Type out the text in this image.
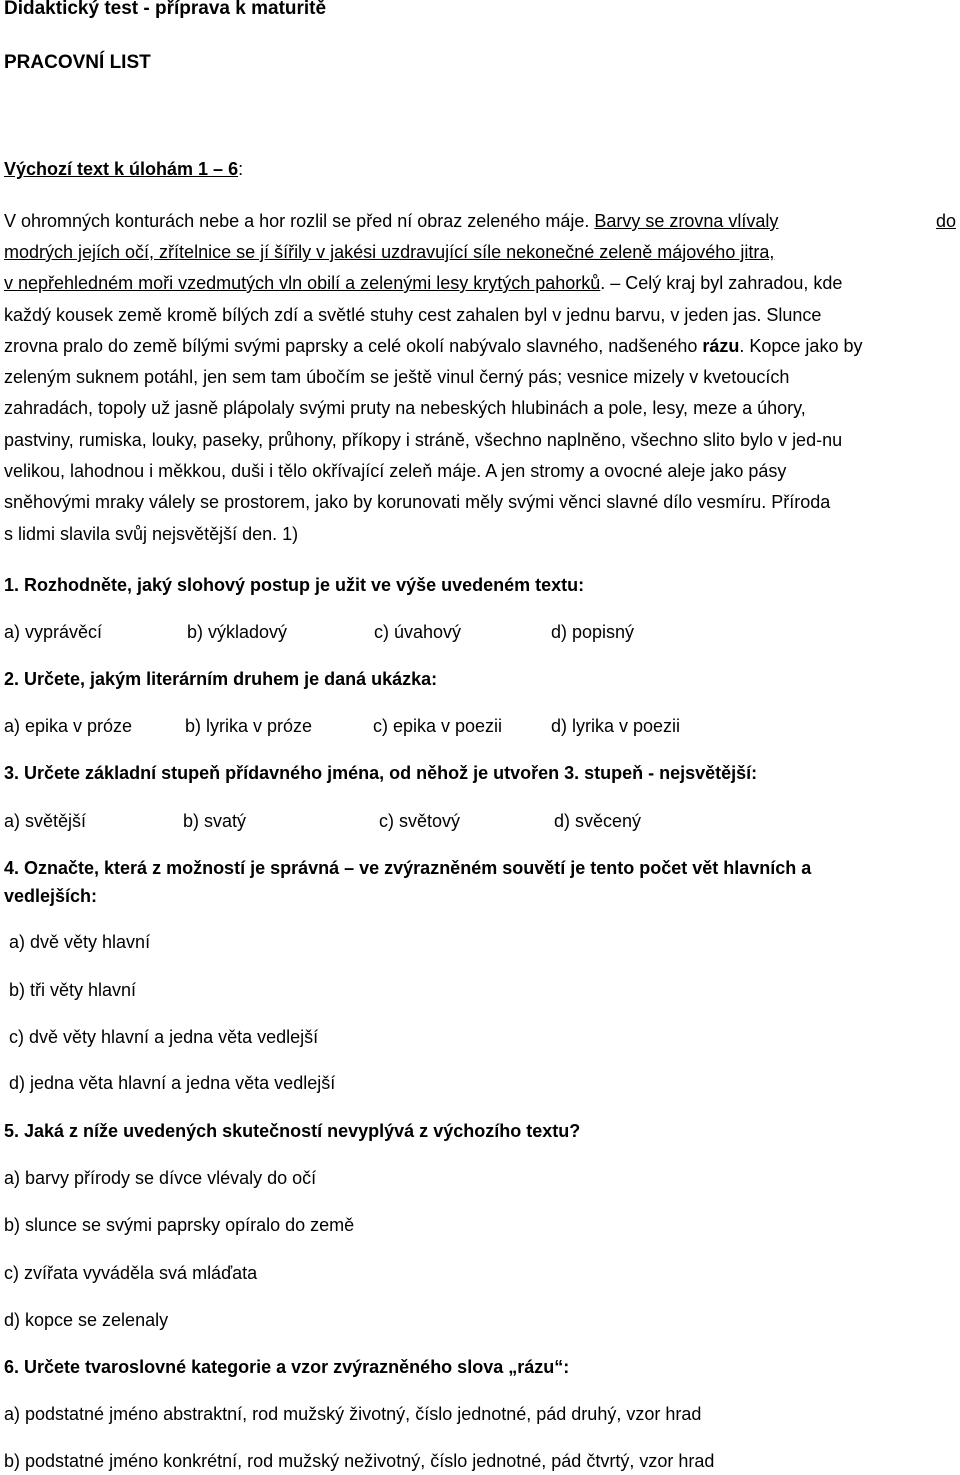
Didaktický test - příprava k maturitě
PRACOVNÍ LIST
Výchozí text k úlohám 1 – 6:
V ohromných konturách nebe a hor rozlil se před ní obraz zeleného máje. Barvy se zrovna vlívaly	do
modrých jejích očí, zřítelnice se jí šířily v jakési uzdravující síle nekonečné zeleně májového jitra,
v nepřehledném moři vzedmutých vln obilí a zelenými lesy krytých pahorků. – Celý kraj byl zahradou, kde
každý kousek země kromě bílých zdí a světlé stuhy cest zahalen byl v jednu barvu, v jeden jas. Slunce
zrovna pralo do země bílými svými paprsky a celé okolí nabývalo slavného, nadšeného rázu. Kopce jako by
zeleným suknem potáhl, jen sem tam úbočím se ještě vinul černý pás; vesnice mizely v kvetoucích
zahradách, topoly už jasně plápolaly svými pruty na nebeských hlubinách a pole, lesy, meze a úhory,
pastviny, rumiska, louky, paseky, průhony, příkopy i stráně, všechno naplněno, všechno slito bylo v jed-nu
velikou, lahodnou i měkkou, duši i tělo okřívající zeleň máje. A jen stromy a ovocné aleje jako pásy
sněhovými mraky válely se prostorem, jako by korunovati měly svými věnci slavné dílo vesmíru. Příroda
s lidmi slavila svůj nejsvětější den. 1)
1. Rozhodněte, jaký slohový postup je užit ve výše uvedeném textu:
a) vyprávěcí	b) výkladový	c) úvahový	d) popisný
2. Určete, jakým literárním druhem je daná ukázka:
a) epika v próze	b) lyrika v próze	c) epika v poezii	d) lyrika v poezii
3. Určete základní stupeň přídavného jména, od něhož je utvořen 3. stupeň - nejsvětější:
a) světější	b) svatý	c) světový	d) svěcený
4. Označte, která z možností je správná – ve zvýrazněném souvětí je tento počet vět hlavních a
vedlejších:
a) dvě věty hlavní
b) tři věty hlavní
c) dvě věty hlavní a jedna věta vedlejší
d) jedna věta hlavní a jedna věta vedlejší
5. Jaká z níže uvedených skutečností nevyplývá z výchozího textu?
a) barvy přírody se dívce vlévaly do očí
b) slunce se svými paprsky opíralo do země
c) zvířata vyváděla svá mláďata
d) kopce se zelenaly
6. Určete tvaroslovné kategorie a vzor zvýrazněného slova „rázu“:
a) podstatné jméno abstraktní, rod mužský životný, číslo jednotné, pád druhý, vzor hrad
b) podstatné jméno konkrétní, rod mužský neživotný, číslo jednotné, pád čtvrtý, vzor hrad
